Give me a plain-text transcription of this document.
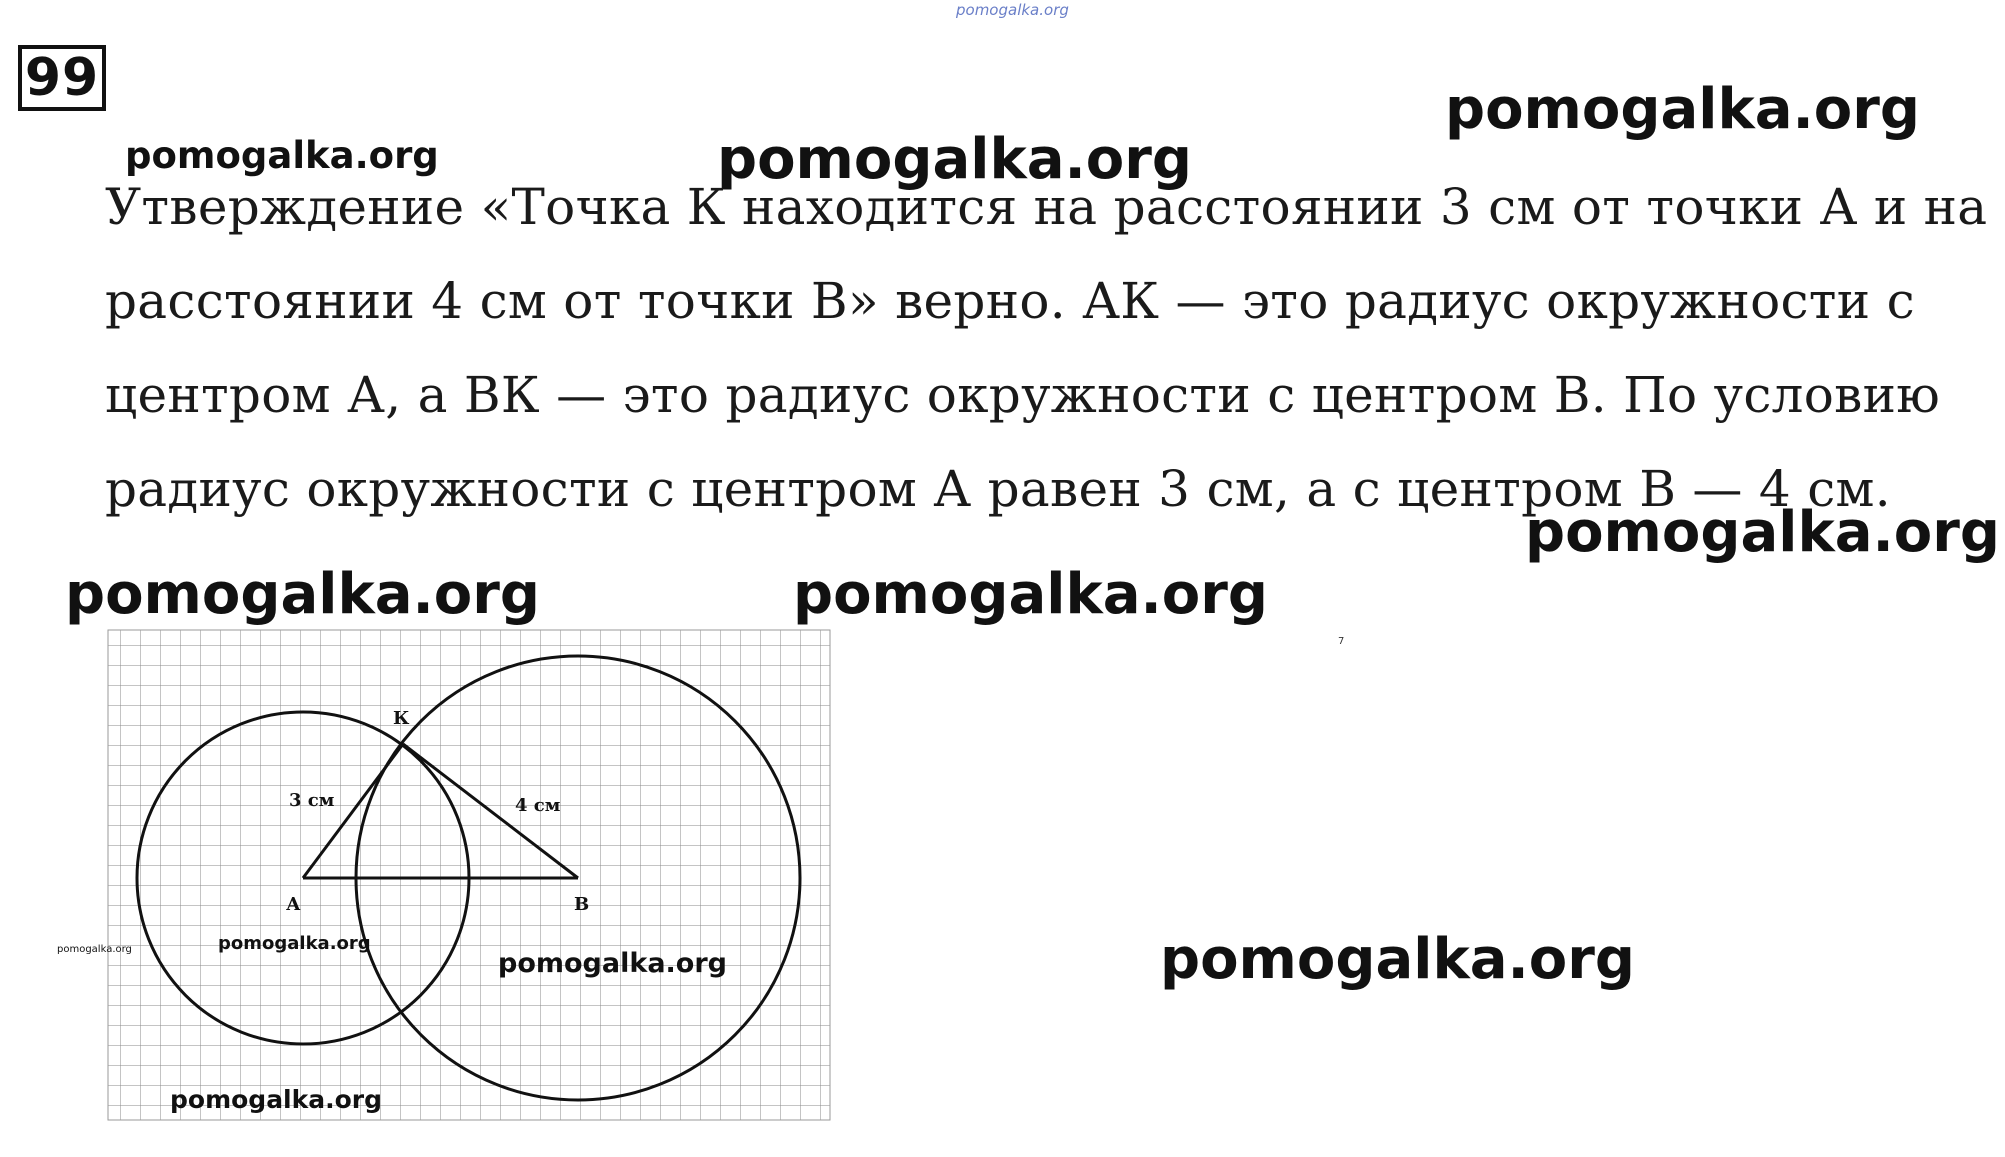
pomogalka.org
99
Утверждение «Точка К находится на расстоянии 3 см от точки А и на
расстоянии 4 см от точки В» верно. АК — это радиус окружности с
центром А, а ВК — это радиус окружности с центром В. По условию
радиус окружности с центром А равен 3 см, а с центром В — 4 см.
К
А	В
3 см	4 см
7
pomogalka.org
pomogalka.org	pomogalka.org
pomogalka.org
pomogalka.org	pomogalka.org
pomogalka.org
pomogalka.org
pomogalka.org
pomogalka.org
pomogalka.org
